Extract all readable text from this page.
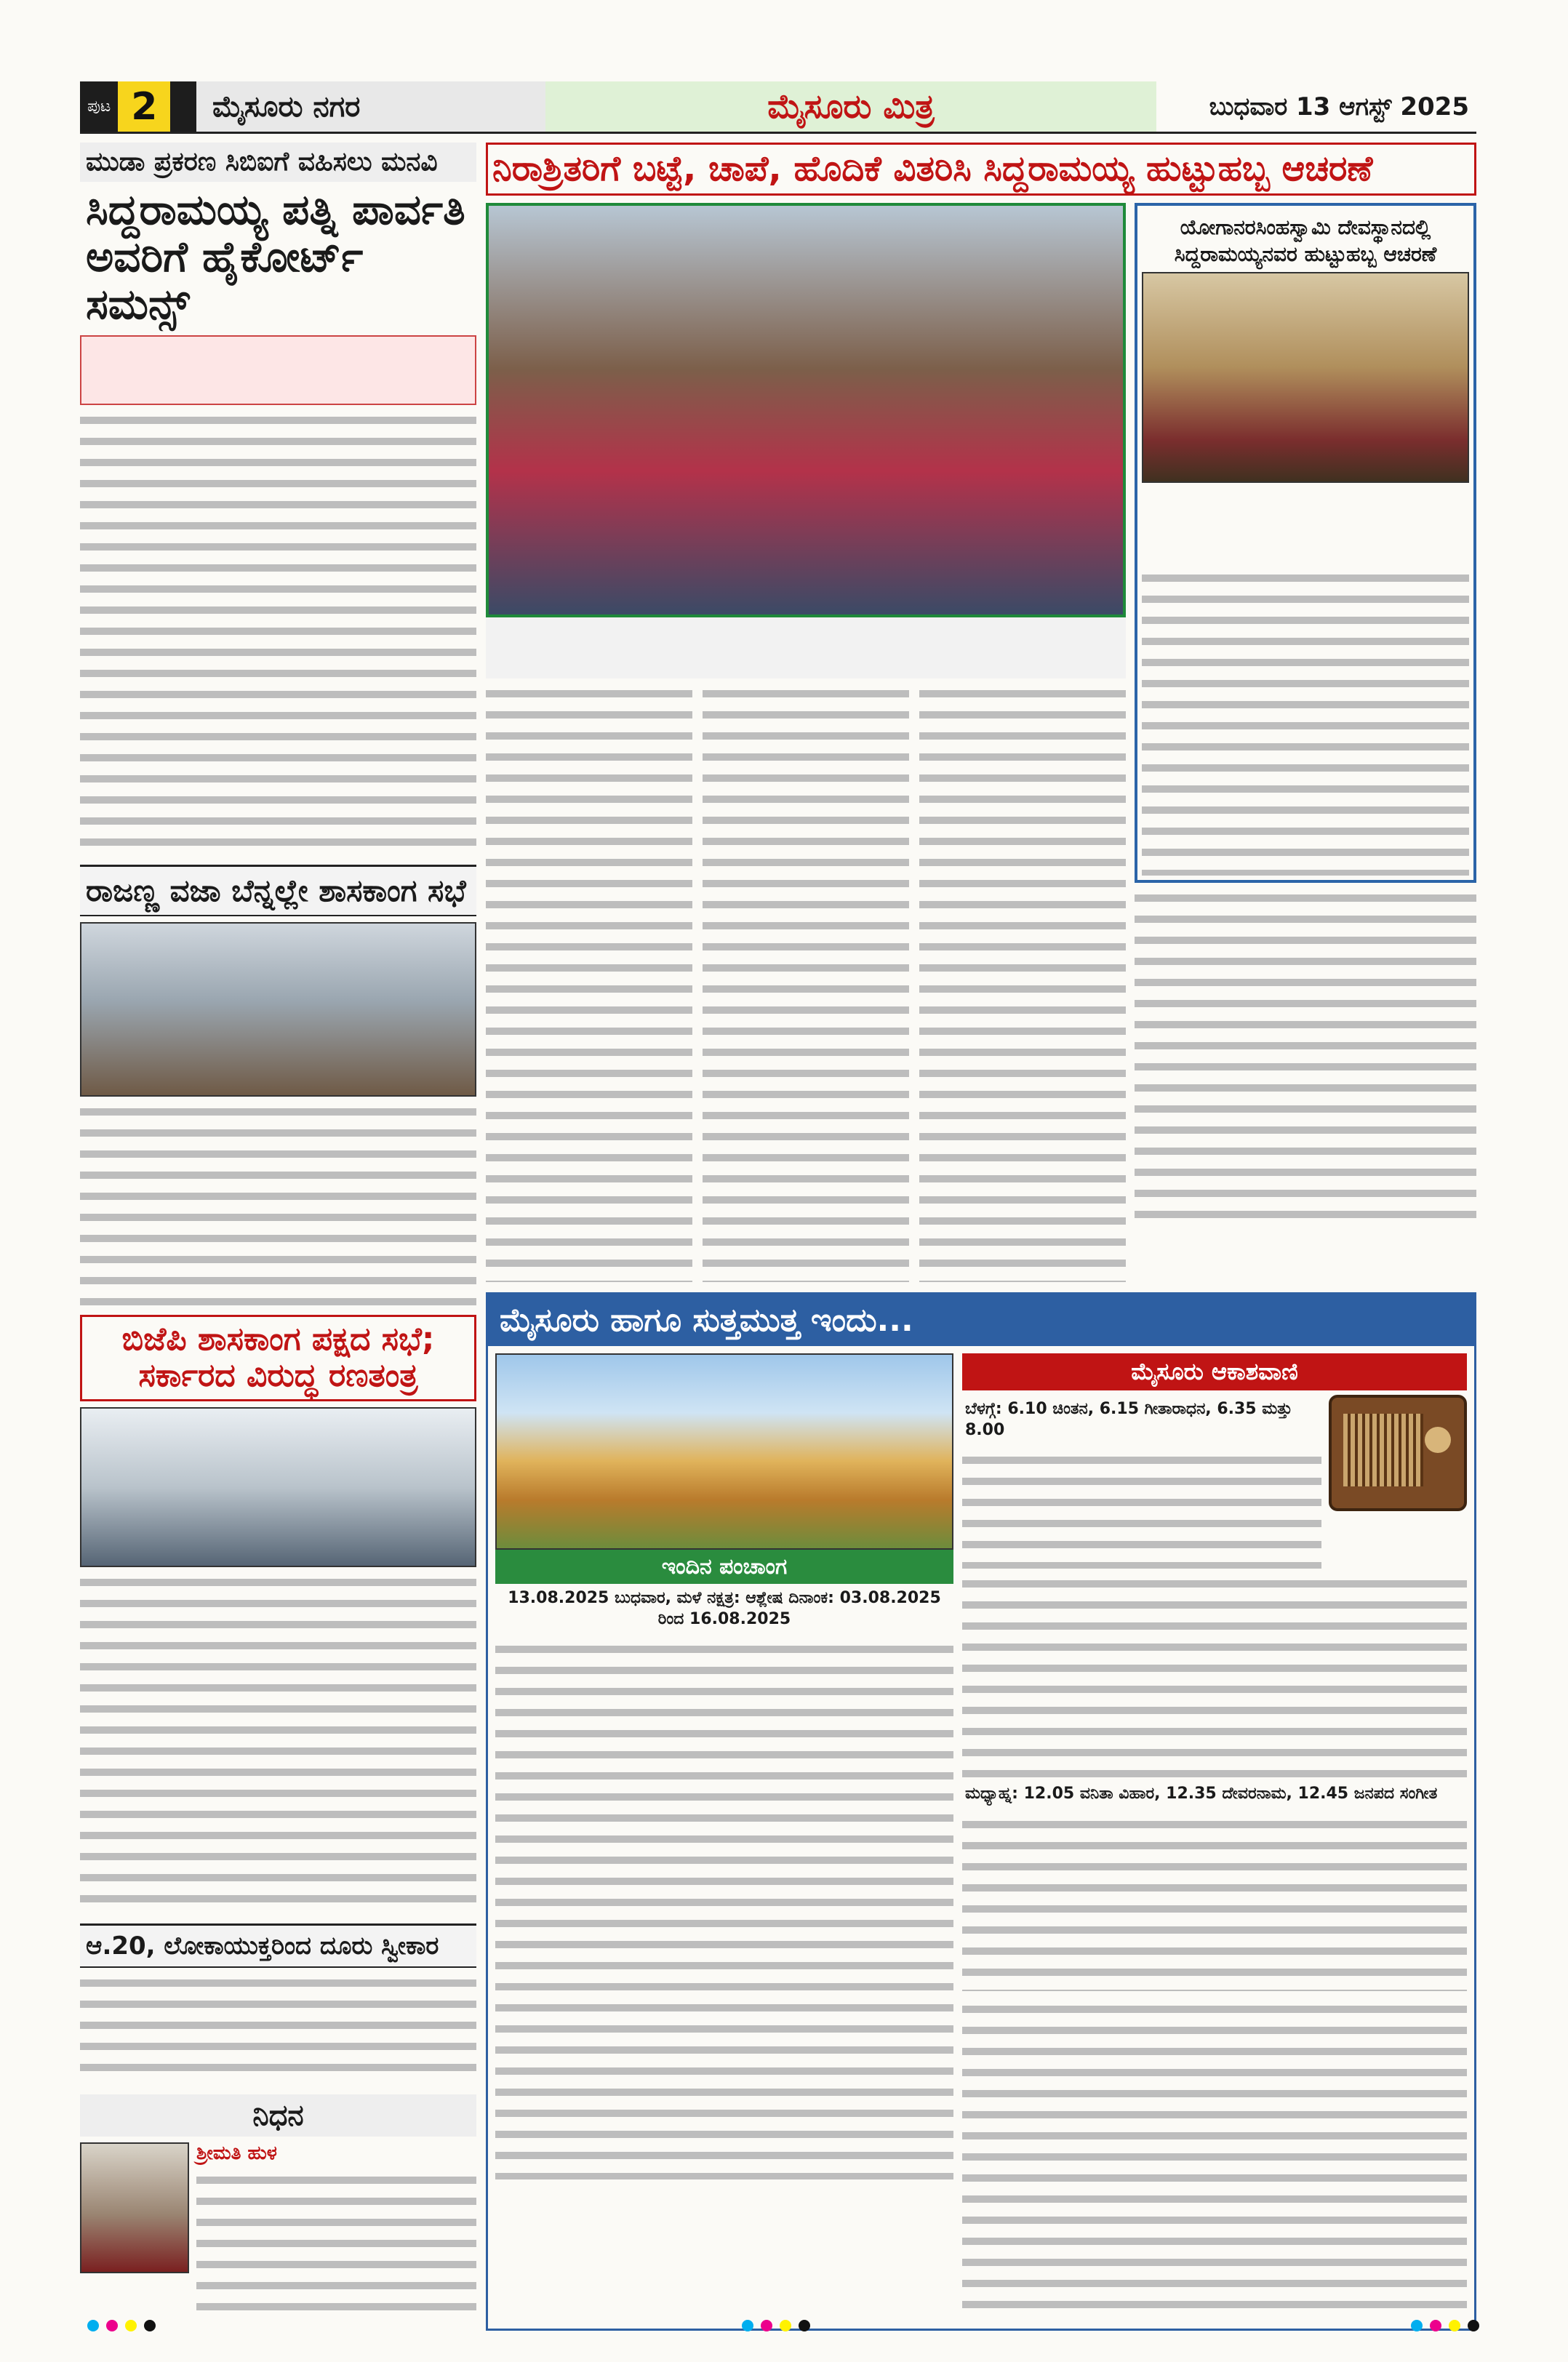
ಪುಟ 2	ಮೈಸೂರು ನಗರ	ಮೈಸೂರು ಮಿತ್ರ	ಬುಧವಾರ 13 ಆಗಸ್ಟ್ 2025
ಮುಡಾ ಪ್ರಕರಣ ಸಿಬಿಐಗೆ ವಹಿಸಲು ಮನವಿ
ಸಿದ್ದರಾಮಯ್ಯ ಪತ್ನಿ ಪಾರ್ವತಿ ಅವರಿಗೆ ಹೈಕೋರ್ಟ್ ಸಮನ್ಸ್
ರಾಜಣ್ಣ ವಜಾ ಬೆನ್ನಲ್ಲೇ ಶಾಸಕಾಂಗ ಸಭೆ
ಬಿಜೆಪಿ ಶಾಸಕಾಂಗ ಪಕ್ಷದ ಸಭೆ; ಸರ್ಕಾರದ ವಿರುದ್ಧ ರಣತಂತ್ರ
ಆ.20, ಲೋಕಾಯುಕ್ತರಿಂದ ದೂರು ಸ್ವೀಕಾರ
ನಿಧನ
ಶ್ರೀಮತಿ ಹುಳ
ನಿರಾಶ್ರಿತರಿಗೆ ಬಟ್ಟೆ, ಚಾಪೆ, ಹೊದಿಕೆ ವಿತರಿಸಿ ಸಿದ್ದರಾಮಯ್ಯ ಹುಟ್ಟುಹಬ್ಬ ಆಚರಣೆ
ಯೋಗಾನರಸಿಂಹಸ್ವಾಮಿ ದೇವಸ್ಥಾನದಲ್ಲಿ ಸಿದ್ದರಾಮಯ್ಯನವರ ಹುಟ್ಟುಹಬ್ಬ ಆಚರಣೆ
ಮೈಸೂರು ಹಾಗೂ ಸುತ್ತಮುತ್ತ ಇಂದು...
ಇಂದಿನ ಪಂಚಾಂಗ
13.08.2025 ಬುಧವಾರ, ಮಳೆ ನಕ್ಷತ್ರ: ಆಶ್ಲೇಷ ದಿನಾಂಕ: 03.08.2025 ರಿಂದ 16.08.2025
ಮೈಸೂರು ಆಕಾಶವಾಣಿ
ಬೆಳಗ್ಗೆ: 6.10 ಚಿಂತನ, 6.15 ಗೀತಾರಾಧನ, 6.35 ಮತ್ತು 8.00
ಮಧ್ಯಾಹ್ನ: 12.05 ವನಿತಾ ವಿಹಾರ, 12.35 ದೇವರನಾಮ, 12.45 ಜನಪದ ಸಂಗೀತ
